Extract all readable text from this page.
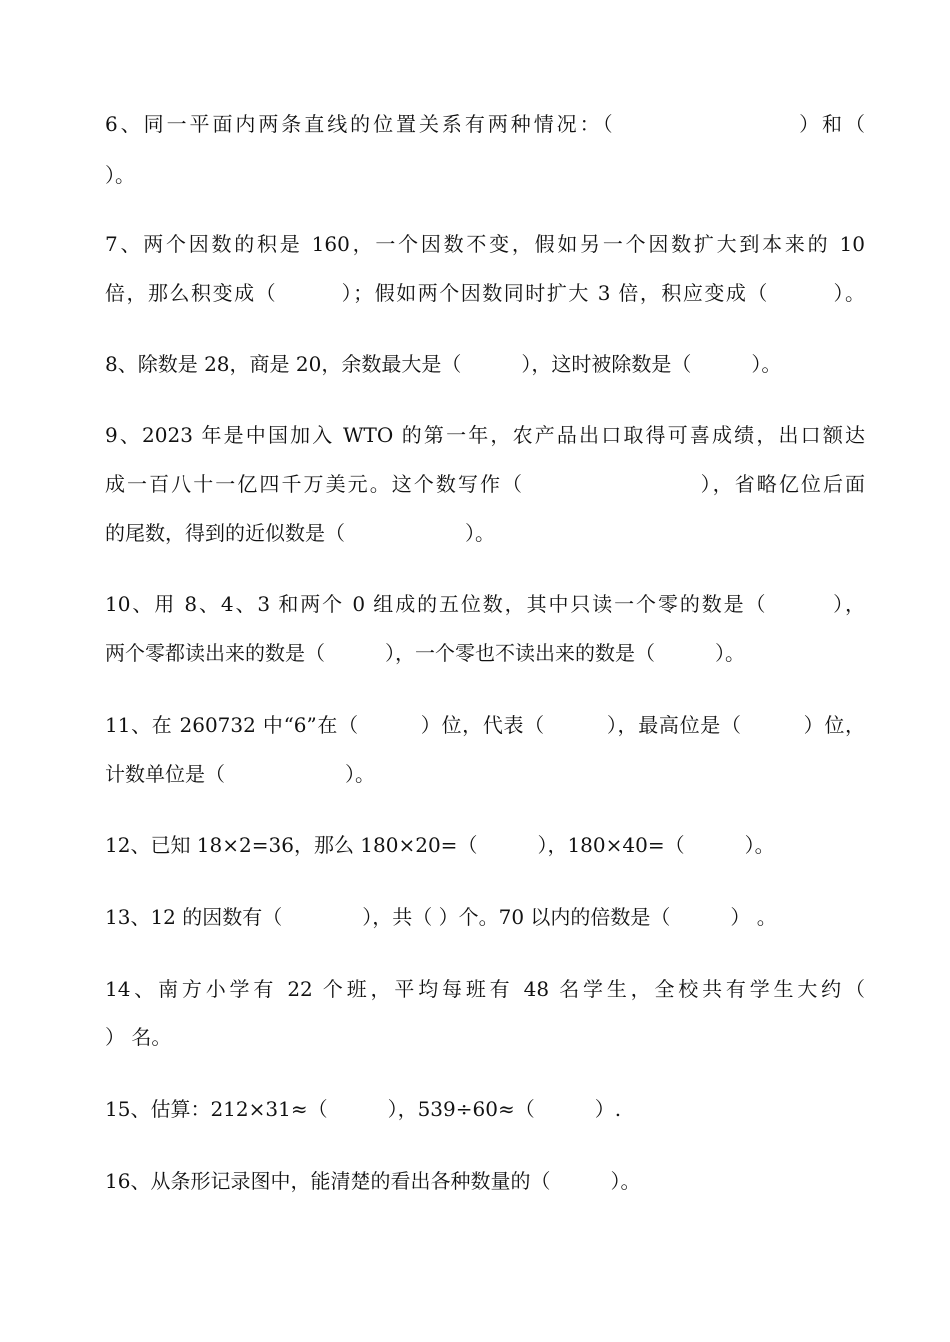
6、同一平面内两条直线的位置关系有两种情况：（　　　　　　　　）和（
）。
7、两个因数的积是 160，一个因数不变，假如另一个因数扩大到本来的 10
倍，那么积变成（　　　）；假如两个因数同时扩大 3 倍，积应变成（　　　）。
8、除数是 28，商是 20，余数最大是（　　　），这时被除数是（　　　）。
9、2023 年是中国加入 WTO 的第一年，农产品出口取得可喜成绩，出口额达
成一百八十一亿四千万美元。这个数写作（　　　　　　　　），省略亿位后面
的尾数，得到的近似数是（　　　　　　）。
10、用 8、4、3 和两个 0 组成的五位数，其中只读一个零的数是（　　　），
两个零都读出来的数是（　　　），一个零也不读出来的数是（　　　）。
11、在 260732 中“6”在（　　　）位，代表（　　　），最高位是（　　　）位，
计数单位是（　　　　　　）。
12、已知 18×2=36，那么 180×20=（　　　），180×40=（　　　）。
13、12 的因数有（　　　　），共（ ）个。70 以内的倍数是（　　　） 。
14、南方小学有 22 个班，平均每班有 48 名学生，全校共有学生大约（
） 名。
15、估算：212×31≈（　　　），539÷60≈（　　　）.
16、从条形记录图中，能清楚的看出各种数量的（　　　）。
